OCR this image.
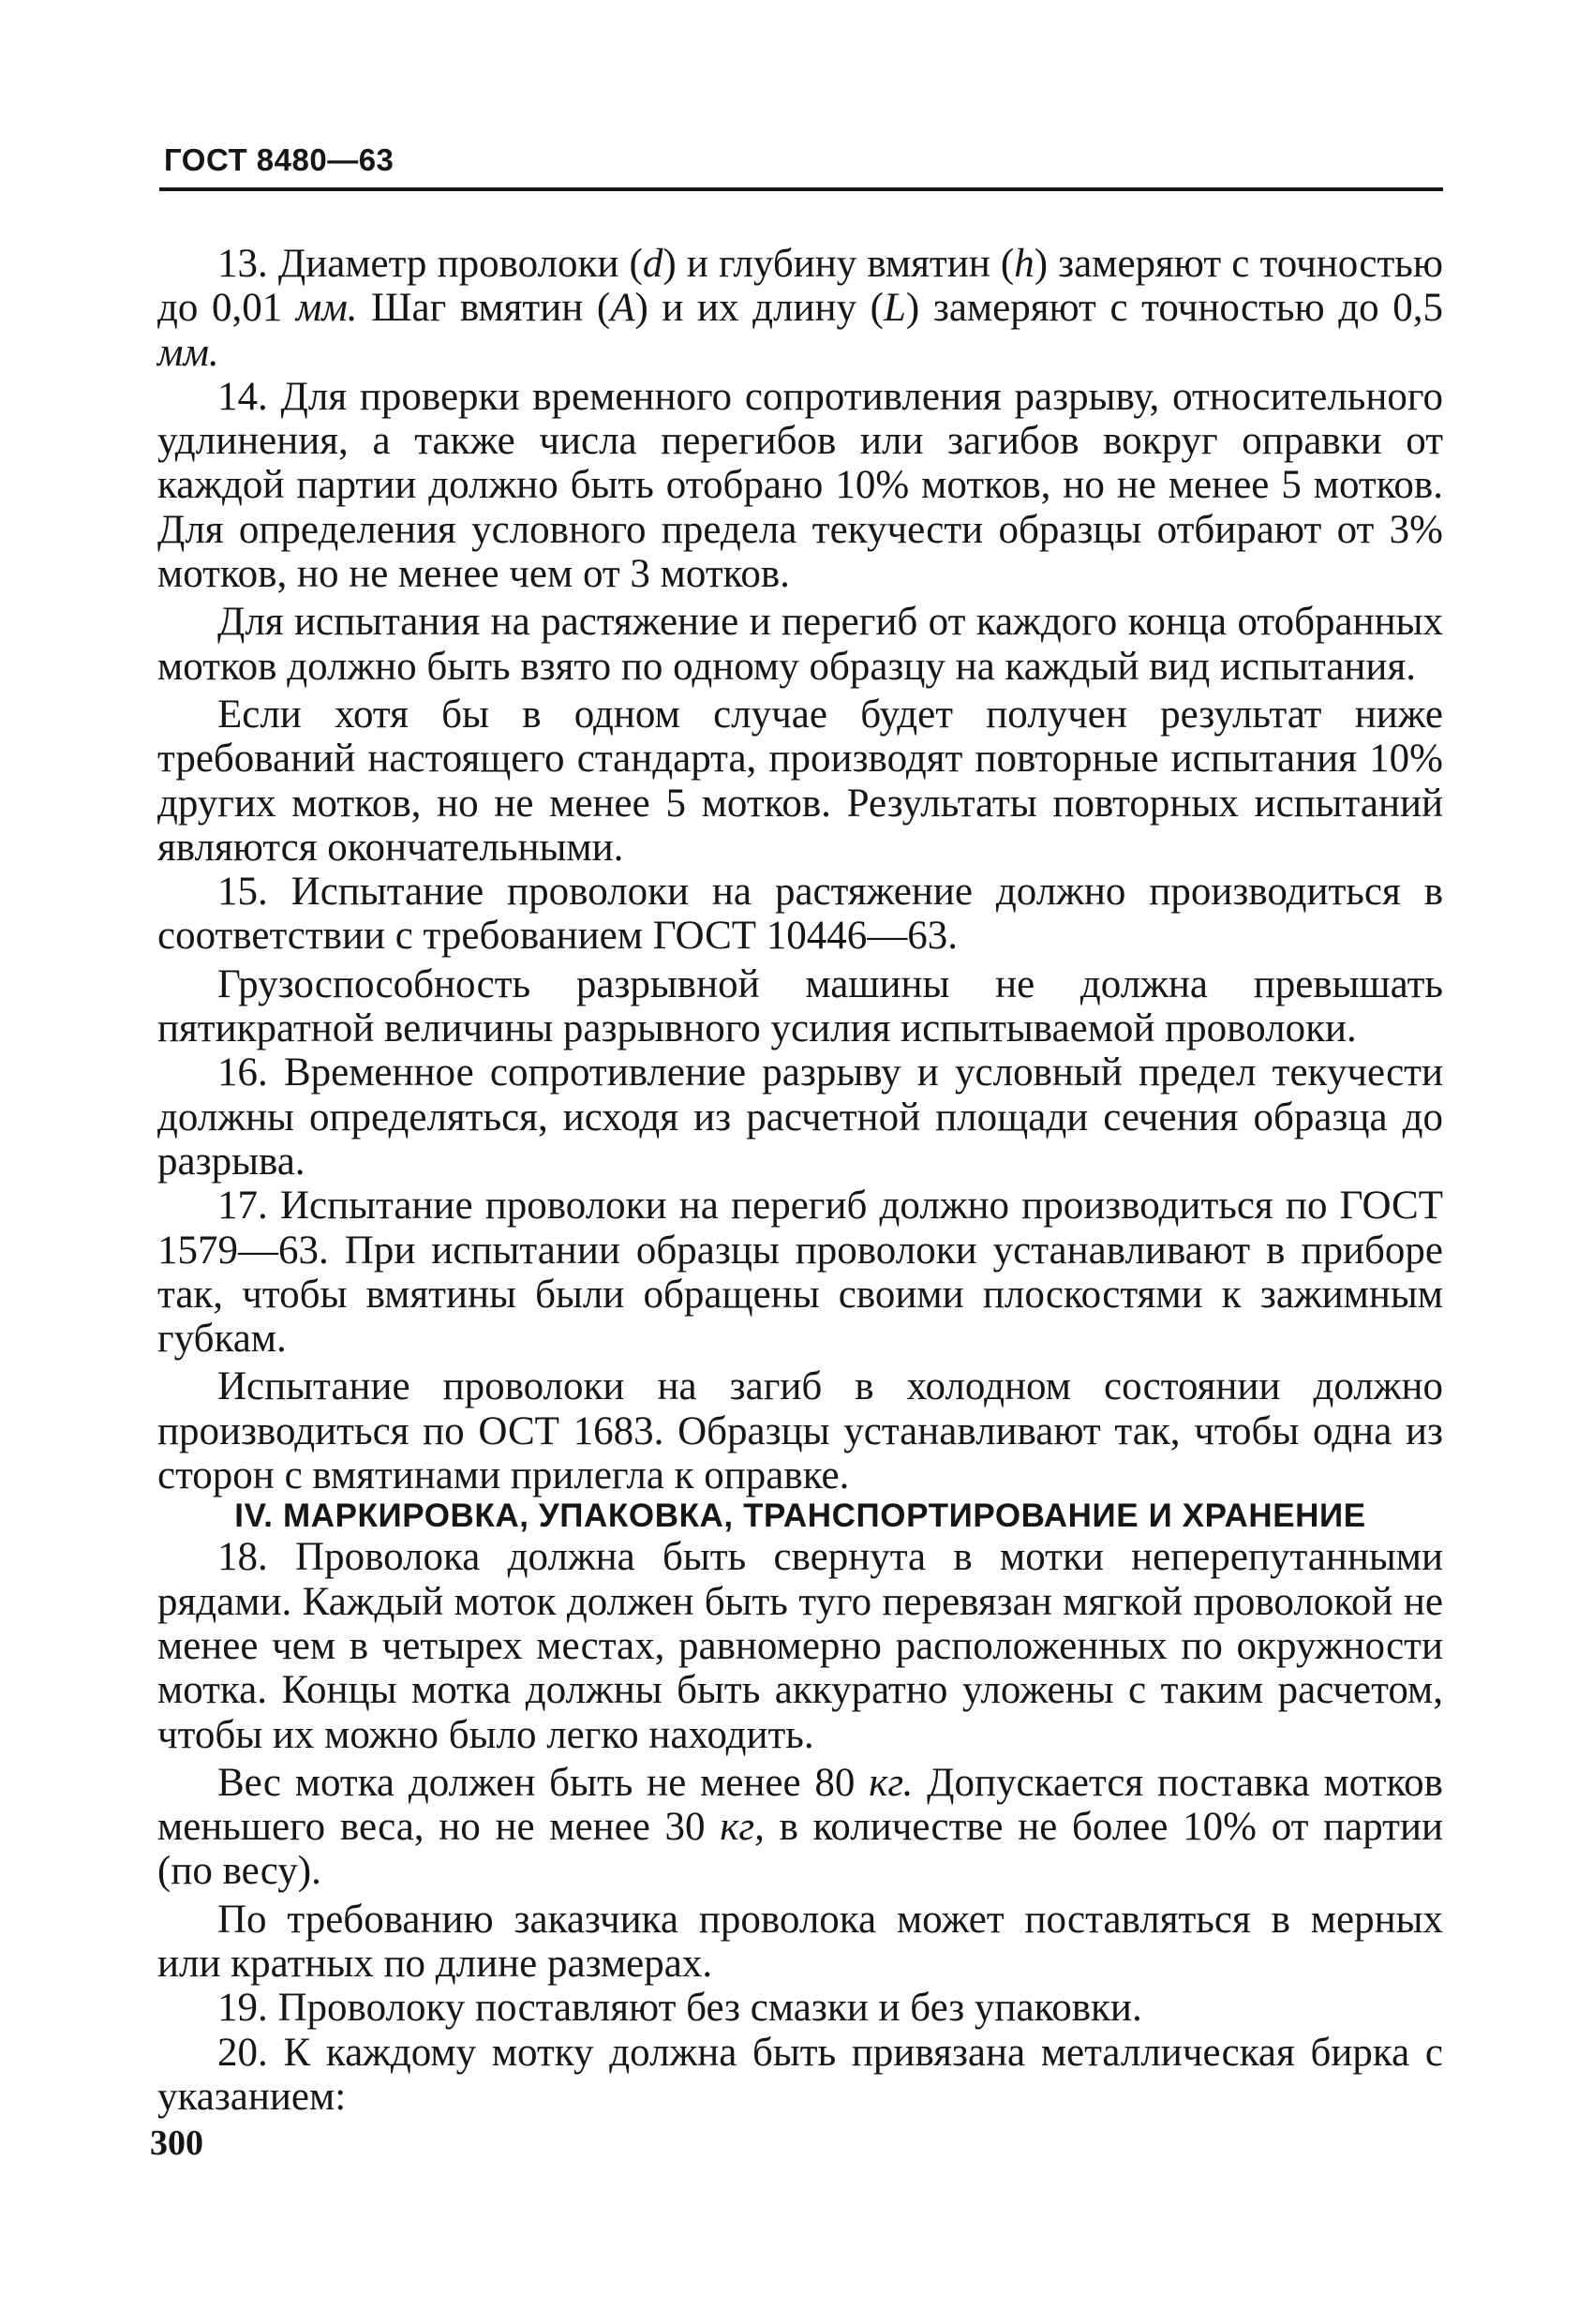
ГОСТ 8480—63

13. Диаметр проволоки (d) и глубину вмятин (h) замеряют с точностью до 0,01 мм. Шаг вмятин (A) и их длину (L) замеряют с точностью до 0,5 мм.

14. Для проверки временного сопротивления разрыву, относительного удлинения, а также числа перегибов или загибов вокруг оправки от каждой партии должно быть отобрано 10% мотков, но не менее 5 мотков. Для определения условного предела текучести образцы отбирают от 3% мотков, но не менее чем от 3 мотков.

Для испытания на растяжение и перегиб от каждого конца отобранных мотков должно быть взято по одному образцу на каждый вид испытания.

Если хотя бы в одном случае будет получен результат ниже требований настоящего стандарта, производят повторные испытания 10% других мотков, но не менее 5 мотков. Результаты повторных испытаний являются окончательными.

15. Испытание проволоки на растяжение должно производиться в соответствии с требованием ГОСТ 10446—63.

Грузоспособность разрывной машины не должна превышать пятикратной величины разрывного усилия испытываемой проволоки.

16. Временное сопротивление разрыву и условный предел текучести должны определяться, исходя из расчетной площади сечения образца до разрыва.

17. Испытание проволоки на перегиб должно производиться по ГОСТ 1579—63. При испытании образцы проволоки устанавливают в приборе так, чтобы вмятины были обращены своими плоскостями к зажимным губкам.

Испытание проволоки на загиб в холодном состоянии должно производиться по ОСТ 1683. Образцы устанавливают так, чтобы одна из сторон с вмятинами прилегла к оправке.

IV. МАРКИРОВКА, УПАКОВКА, ТРАНСПОРТИРОВАНИЕ И ХРАНЕНИЕ

18. Проволока должна быть свернута в мотки неперепутанными рядами. Каждый моток должен быть туго перевязан мягкой проволокой не менее чем в четырех местах, равномерно расположенных по окружности мотка. Концы мотка должны быть аккуратно уложены с таким расчетом, чтобы их можно было легко находить.

Вес мотка должен быть не менее 80 кг. Допускается поставка мотков меньшего веса, но не менее 30 кг, в количестве не более 10% от партии (по весу).

По требованию заказчика проволока может поставляться в мерных или кратных по длине размерах.

19. Проволоку поставляют без смазки и без упаковки.

20. К каждому мотку должна быть привязана металлическая бирка с указанием:

300
